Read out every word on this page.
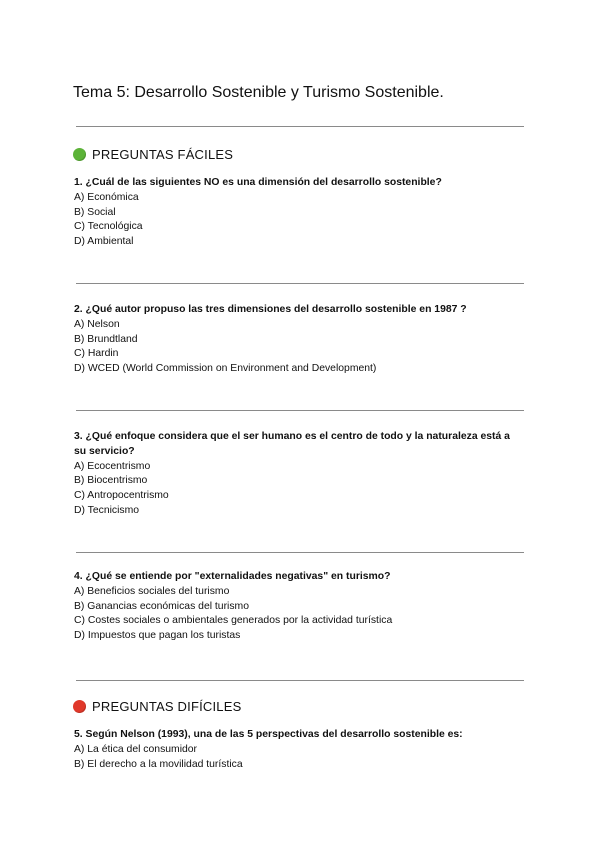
Tema 5: Desarrollo Sostenible y Turismo Sostenible.
PREGUNTAS FÁCILES
1. ¿Cuál de las siguientes NO es una dimensión del desarrollo sostenible?
A) Económica
B) Social
C) Tecnológica
D) Ambiental
2. ¿Qué autor propuso las tres dimensiones del desarrollo sostenible en 1987 ?
A) Nelson
B) Brundtland
C) Hardin
D) WCED (World Commission on Environment and Development)
3. ¿Qué enfoque considera que el ser humano es el centro de todo y la naturaleza está a su servicio?
A) Ecocentrismo
B) Biocentrismo
C) Antropocentrismo
D) Tecnicismo
4. ¿Qué se entiende por "externalidades negativas" en turismo?
A) Beneficios sociales del turismo
B) Ganancias económicas del turismo
C) Costes sociales o ambientales generados por la actividad turística
D) Impuestos que pagan los turistas
PREGUNTAS DIFÍCILES
5. Según Nelson (1993), una de las 5 perspectivas del desarrollo sostenible es:
A) La ética del consumidor
B) El derecho a la movilidad turística
